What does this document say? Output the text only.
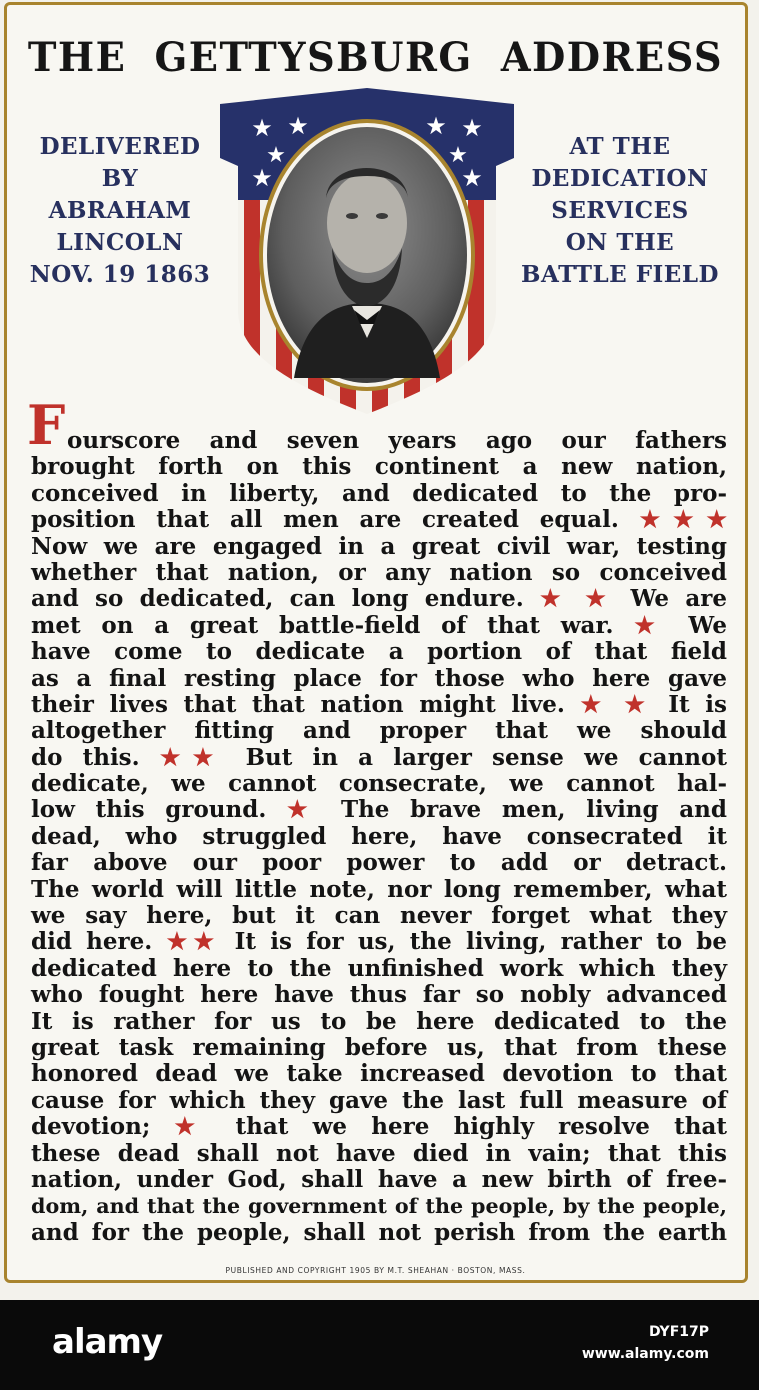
THE GETTYSBURG ADDRESS
DELIVERED
BY
ABRAHAM
LINCOLN
NOV. 19 1863
AT THE
DEDICATION
SERVICES
ON THE
BATTLE FIELD
★ ★	★ ★
★	★
★	★
F ourscore and seven years ago our fathers
brought forth on this continent a new nation,
conceived in liberty, and dedicated to the pro-
position that all men are created equal. ★★★
Now we are engaged in a great civil war, testing
whether that nation, or any nation so conceived
and so dedicated, can long endure. ★ ★ We are
met on a great battle-field of that war. ★ We
have come to dedicate a portion of that field
as a final resting place for those who here gave
their lives that that nation might live. ★ ★ It is
altogether fitting and proper that we should
do this. ★★ But in a larger sense we cannot
dedicate, we cannot consecrate, we cannot hal-
low this ground. ★ The brave men, living and
dead, who struggled here, have consecrated it
far above our poor power to add or detract.
The world will little note, nor long remember, what
we say here, but it can never forget what they
did here. ★★ It is for us, the living, rather to be
dedicated here to the unfinished work which they
who fought here have thus far so nobly advanced
It is rather for us to be here dedicated to the
great task remaining before us, that from these
honored dead we take increased devotion to that
cause for which they gave the last full measure of
devotion; ★ that we here highly resolve that
these dead shall not have died in vain; that this
nation, under God, shall have a new birth of free-
dom, and that the government of the people, by the people,
and for the people, shall not perish from the earth
PUBLISHED AND COPYRIGHT 1905 BY M.T. SHEAHAN · BOSTON, MASS.
alamy	DYF17P
www.alamy.com
